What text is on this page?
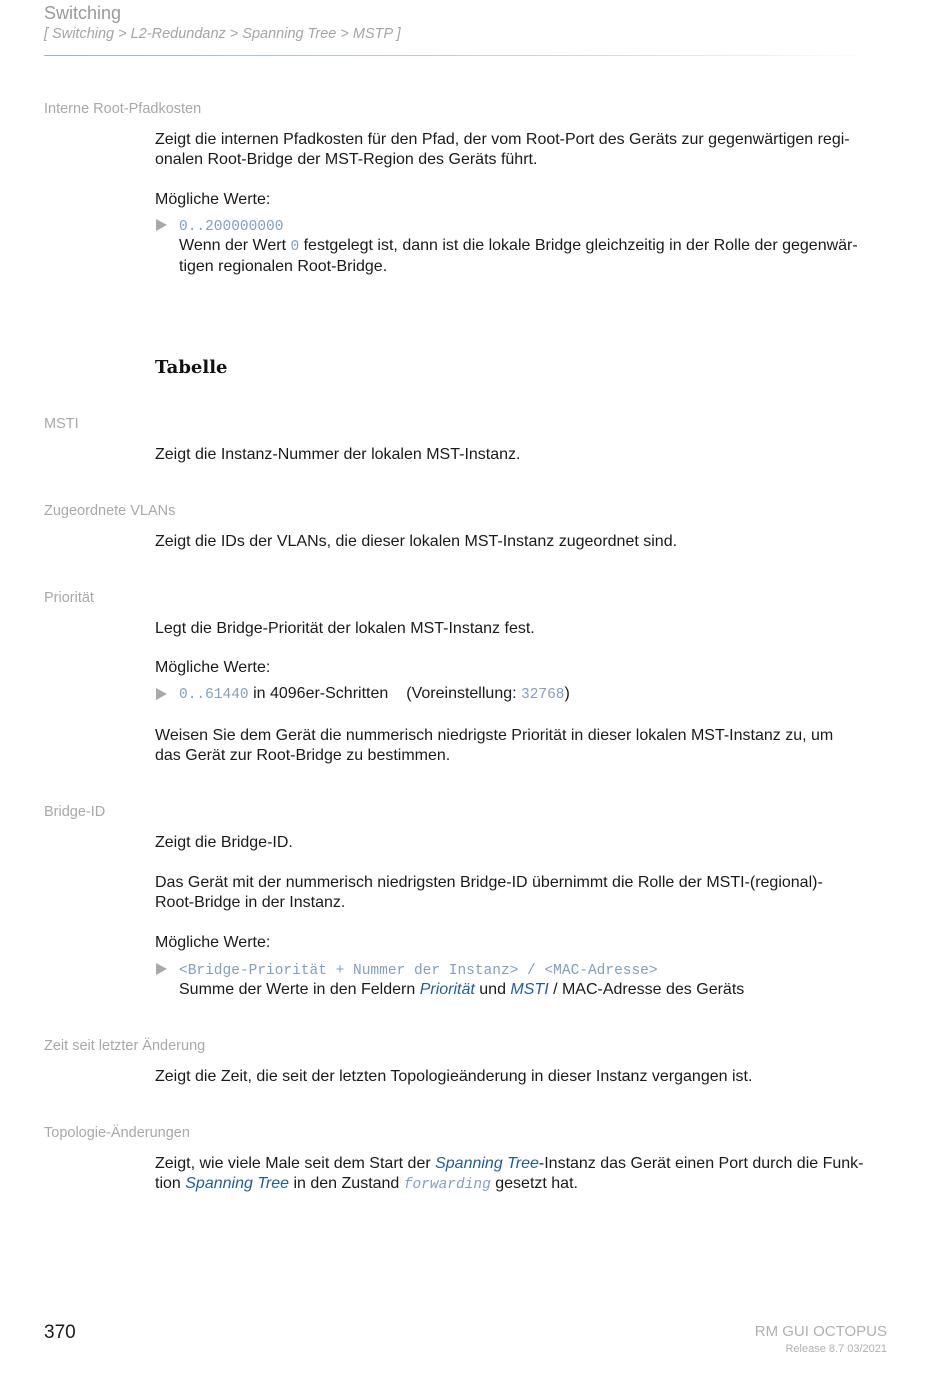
Switching
[ Switching > L2-Redundanz > Spanning Tree > MSTP ]
Interne Root-Pfadkosten
Zeigt die internen Pfadkosten für den Pfad, der vom Root-Port des Geräts zur gegenwärtigen regi-
onalen Root-Bridge der MST-Region des Geräts führt.
Mögliche Werte:
0..200000000
Wenn der Wert 0 festgelegt ist, dann ist die lokale Bridge gleichzeitig in der Rolle der gegenwär-
tigen regionalen Root-Bridge.
Tabelle
MSTI
Zeigt die Instanz-Nummer der lokalen MST-Instanz.
Zugeordnete VLANs
Zeigt die IDs der VLANs, die dieser lokalen MST-Instanz zugeordnet sind.
Priorität
Legt die Bridge-Priorität der lokalen MST-Instanz fest.
Mögliche Werte:
0..61440 in 4096er-Schritten (Voreinstellung: 32768)
Weisen Sie dem Gerät die nummerisch niedrigste Priorität in dieser lokalen MST-Instanz zu, um
das Gerät zur Root-Bridge zu bestimmen.
Bridge-ID
Zeigt die Bridge-ID.
Das Gerät mit der nummerisch niedrigsten Bridge-ID übernimmt die Rolle der MSTI-(regional)-
Root-Bridge in der Instanz.
Mögliche Werte:
<Bridge-Priorität + Nummer der Instanz> / <MAC-Adresse>
Summe der Werte in den Feldern Priorität und MSTI / MAC-Adresse des Geräts
Zeit seit letzter Änderung
Zeigt die Zeit, die seit der letzten Topologieänderung in dieser Instanz vergangen ist.
Topologie-Änderungen
Zeigt, wie viele Male seit dem Start der Spanning Tree-Instanz das Gerät einen Port durch die Funk-
tion Spanning Tree in den Zustand forwarding gesetzt hat.
370	RM GUI OCTOPUS
Release 8.7 03/2021
